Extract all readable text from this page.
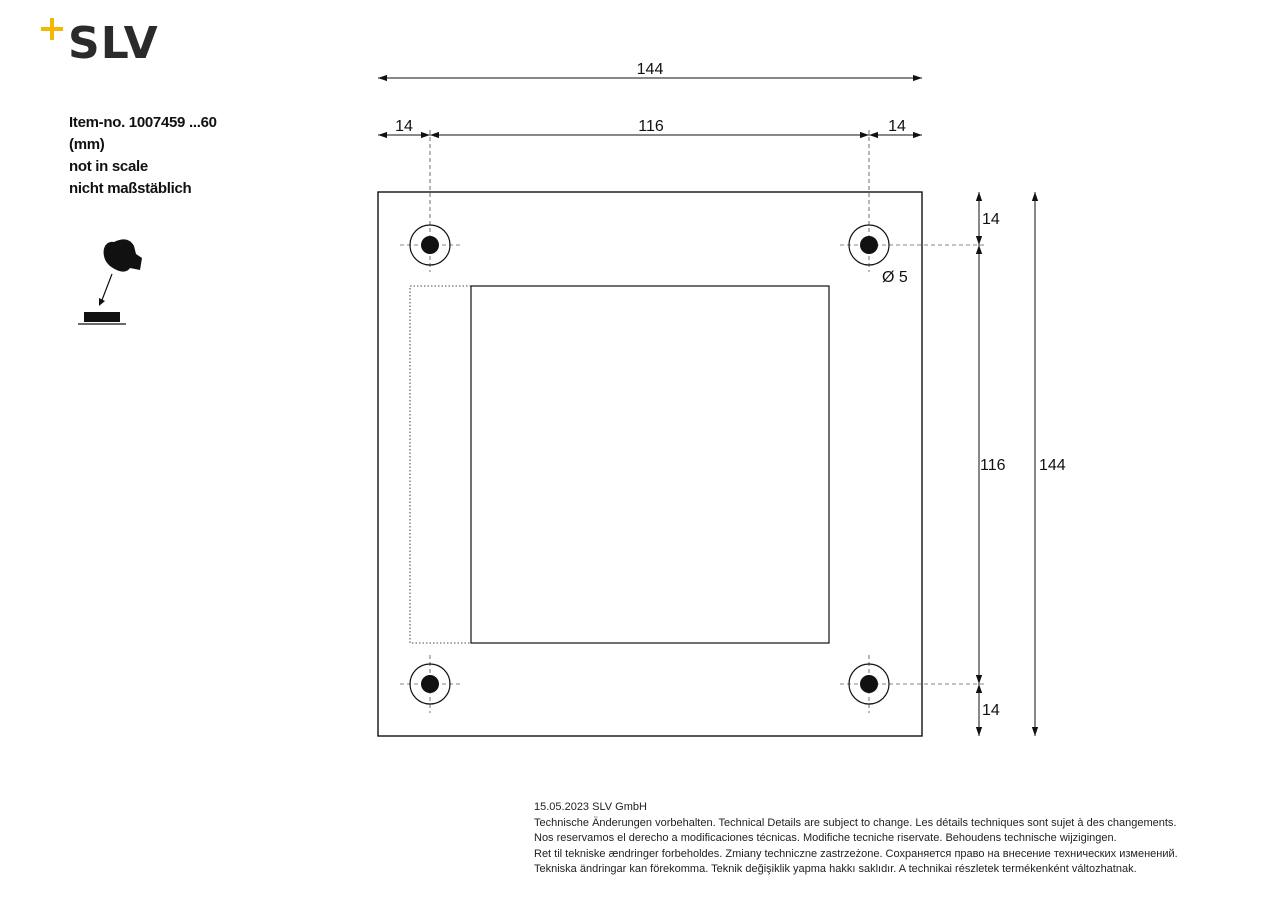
SLV
Item-no. 1007459 ...60
(mm)
not in scale
nicht maßstäblich
144
14	116	14
14
116
14
144
Ø 5
15.05.2023 SLV GmbH
Technische Änderungen vorbehalten. Technical Details are subject to change. Les détails techniques sont sujet à des changements.
Nos reservamos el derecho a modificaciones técnicas. Modifiche tecniche riservate. Behoudens technische wijzigingen.
Ret til tekniske ændringer forbeholdes. Zmiany techniczne zastrzeżone. Сохраняется право на внесение технических изменений.
Tekniska ändringar kan förekomma. Teknik değişiklik yapma hakkı saklıdır. A technikai részletek termékenként változhatnak.
